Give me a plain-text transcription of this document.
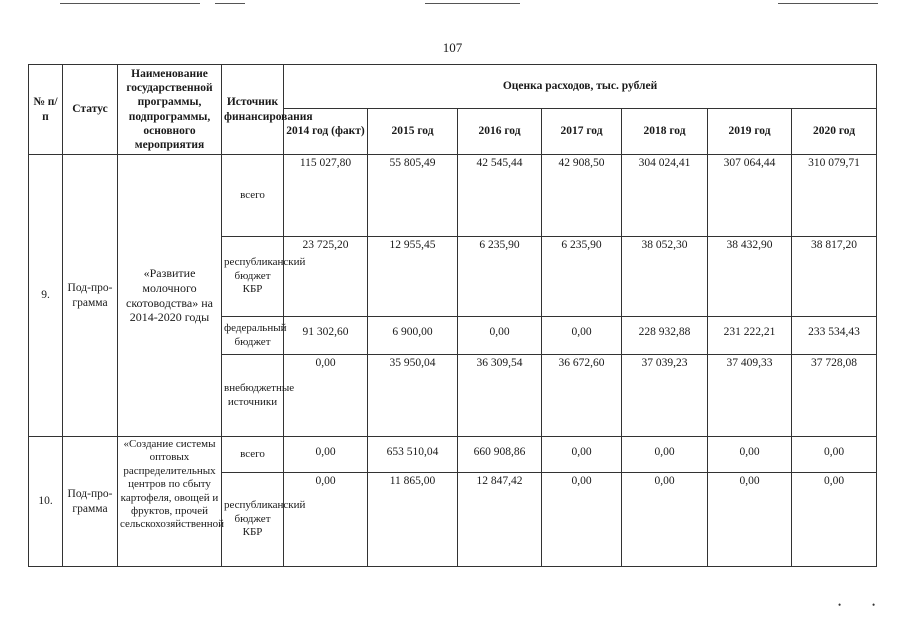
107
№ п/п	Статус	Наименование государственной программы, подпрограммы, основного мероприятия	Источник финансирования	Оценка расходов, тыс. рублей						
				2014 год (факт)	2015 год	2016 год	2017 год	2018 год	2019 год	2020 год
9.	Под-про-грамма	«Развитие молочного скотоводства» на 2014-2020 годы	всего	115 027,80	55 805,49	42 545,44	42 908,50	304 024,41	307 064,44	310 079,71
			республиканский бюджет КБР	23 725,20	12 955,45	6 235,90	6 235,90	38 052,30	38 432,90	38 817,20
			федеральный бюджет	91 302,60	6 900,00	0,00	0,00	228 932,88	231 222,21	233 534,43
			внебюджетные источники	0,00	35 950,04	36 309,54	36 672,60	37 039,23	37 409,33	37 728,08
10.	Под-про-грамма	«Создание системы оптовых распределительных центров по сбыту картофеля, овощей и фруктов, прочей сельскохозяйственной	всего	0,00	653 510,04	660 908,86	0,00	0,00	0,00	0,00
			республиканский бюджет КБР	0,00	11 865,00	12 847,42	0,00	0,00	0,00	0,00
•	•
